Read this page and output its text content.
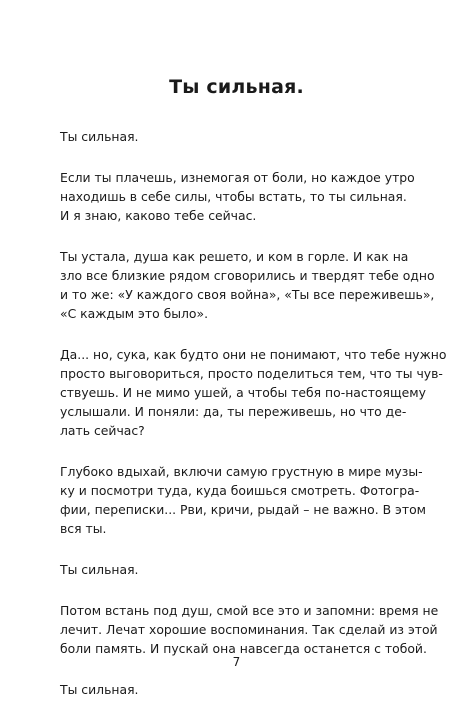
Ты сильная.

Ты сильная.

Если ты плачешь, изнемогая от боли, но каждое утро
находишь в себе силы, чтобы встать, то ты сильная.
И я знаю, каково тебе сейчас.

Ты устала, душа как решето, и ком в горле. И как на
зло все близкие рядом сговорились и твердят тебе одно
и то же: «У каждого своя война», «Ты все переживешь»,
«С каждым это было».

Да... но, сука, как будто они не понимают, что тебе нужно
просто выговориться, просто поделиться тем, что ты чув-
ствуешь. И не мимо ушей, а чтобы тебя по-настоящему
услышали. И поняли: да, ты переживешь, но что де-
лать сейчас?

Глубоко вдыхай, включи самую грустную в мире музы-
ку и посмотри туда, куда боишься смотреть. Фотогра-
фии, переписки... Рви, кричи, рыдай – не важно. В этом
вся ты.

Ты сильная.

Потом встань под душ, смой все это и запомни: время не
лечит. Лечат хорошие воспоминания. Так сделай из этой
боли память. И пускай она навсегда останется с тобой.

Ты сильная.

7
